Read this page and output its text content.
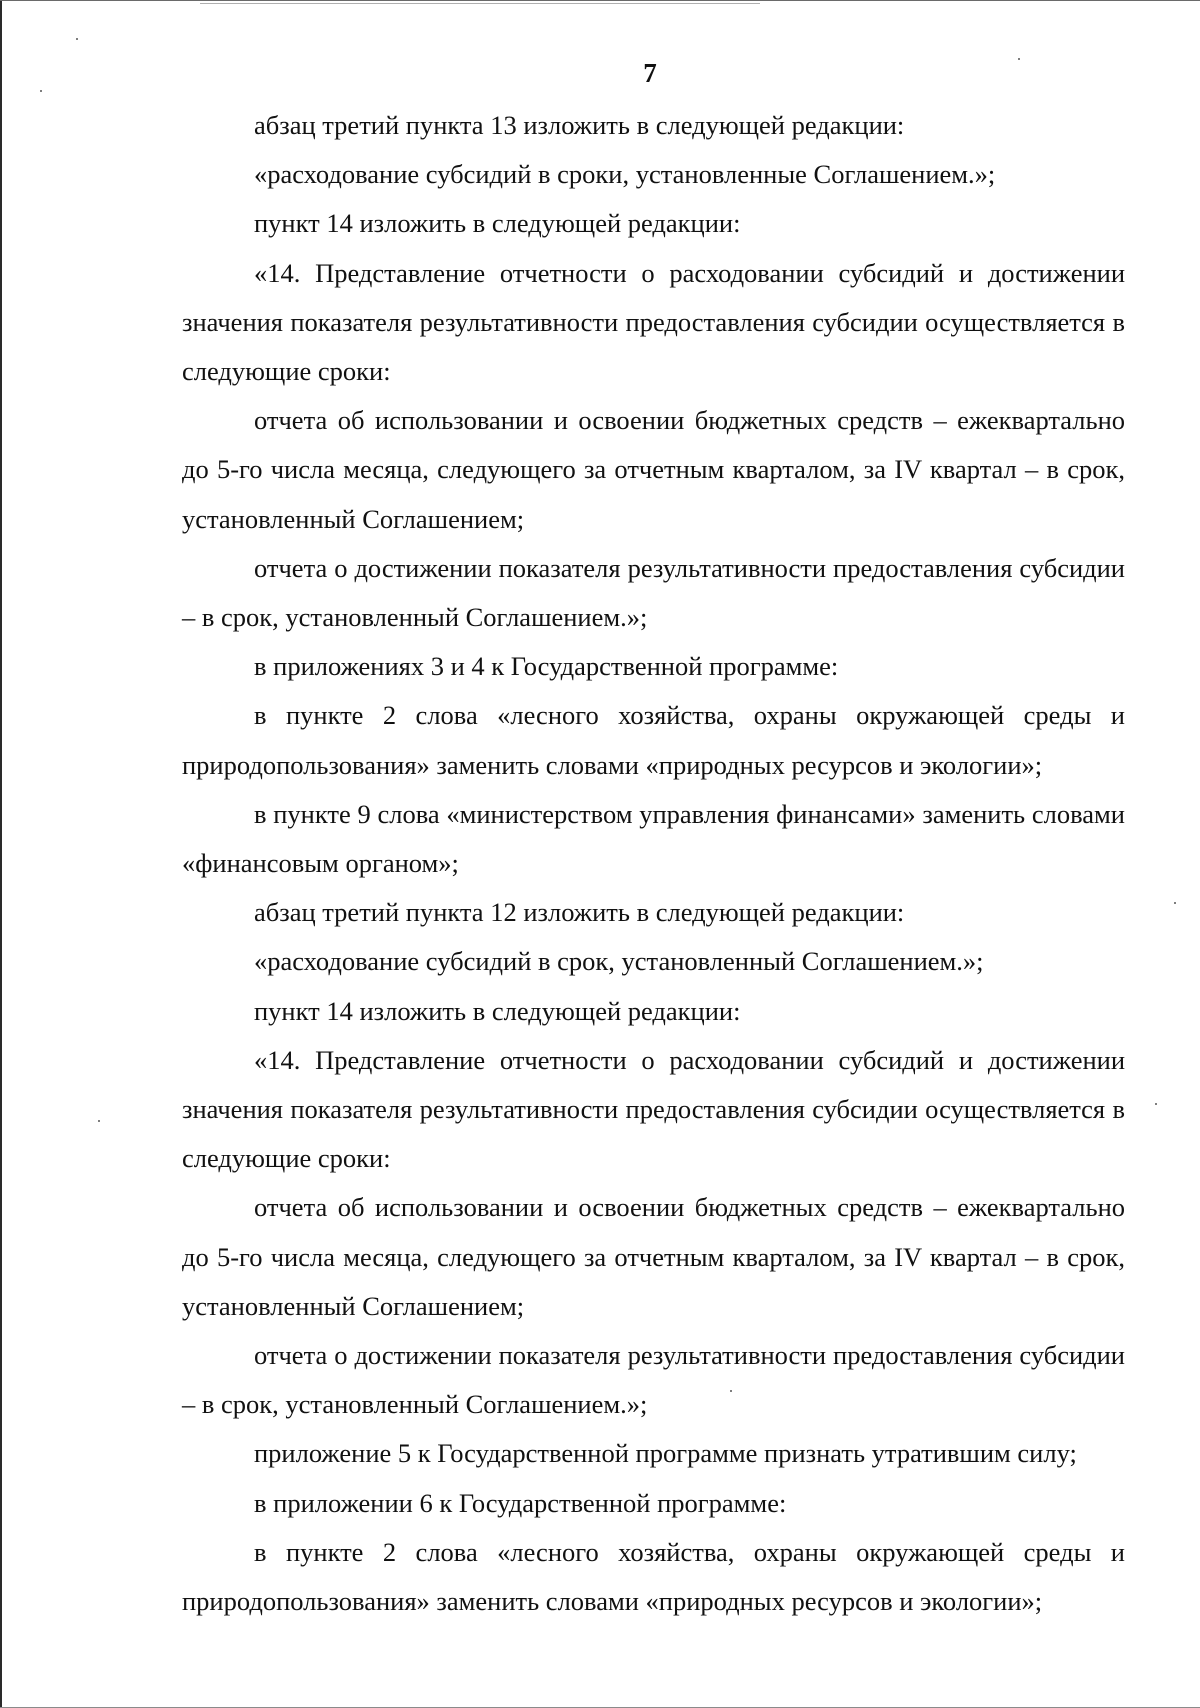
7

абзац третий пункта 13 изложить в следующей редакции:

«расходование субсидий в сроки, установленные Соглашением.»;

пункт 14 изложить в следующей редакции:

«14. Представление отчетности о расходовании субсидий и достижении значения показателя результативности предоставления субсидии осуществляется в следующие сроки:

отчета об использовании и освоении бюджетных средств – ежеквартально до 5-го числа месяца, следующего за отчетным кварталом, за IV квартал – в срок, установленный Соглашением;

отчета о достижении показателя результативности предоставления субсидии – в срок, установленный Соглашением.»;

в приложениях 3 и 4 к Государственной программе:

в пункте 2 слова «лесного хозяйства, охраны окружающей среды и природопользования» заменить словами «природных ресурсов и экологии»;

в пункте 9 слова «министерством управления финансами» заменить словами «финансовым органом»;

абзац третий пункта 12 изложить в следующей редакции:

«расходование субсидий в срок, установленный Соглашением.»;

пункт 14 изложить в следующей редакции:

«14. Представление отчетности о расходовании субсидий и достижении значения показателя результативности предоставления субсидии осуществляется в следующие сроки:

отчета об использовании и освоении бюджетных средств – ежеквартально до 5-го числа месяца, следующего за отчетным кварталом, за IV квартал – в срок, установленный Соглашением;

отчета о достижении показателя результативности предоставления субсидии – в срок, установленный Соглашением.»;

приложение 5 к Государственной программе признать утратившим силу;

в приложении 6 к Государственной программе:

в пункте 2 слова «лесного хозяйства, охраны окружающей среды и природопользования» заменить словами «природных ресурсов и экологии»;
